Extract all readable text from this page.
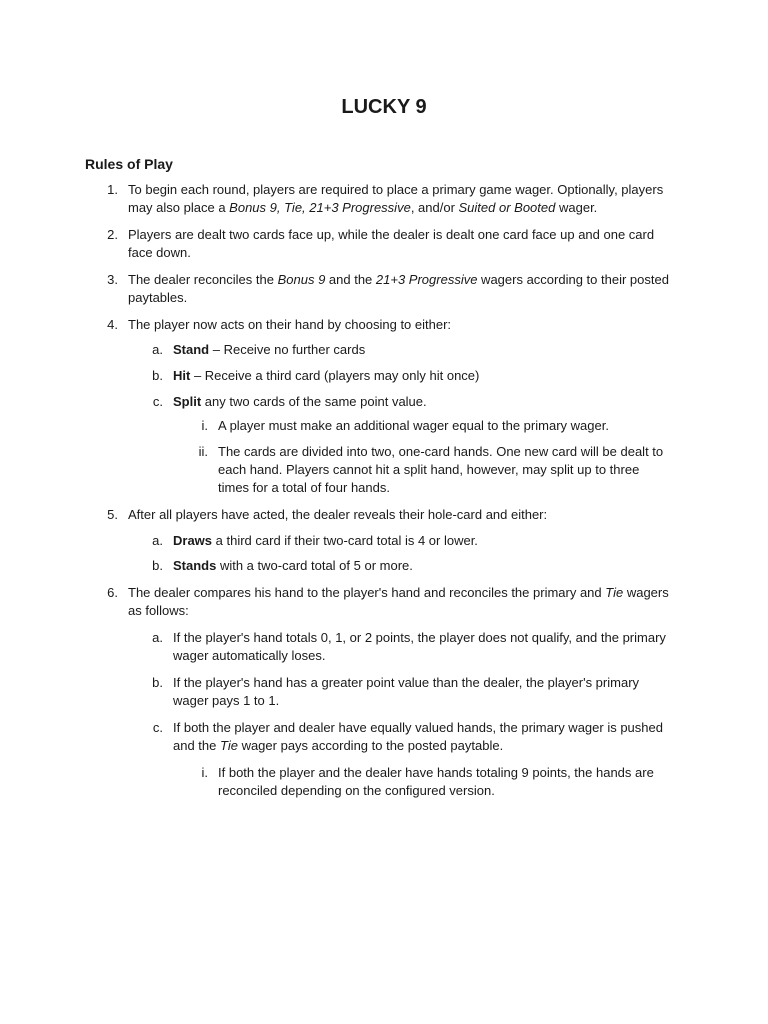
LUCKY 9
Rules of Play
1. To begin each round, players are required to place a primary game wager. Optionally, players may also place a Bonus 9, Tie, 21+3 Progressive, and/or Suited or Booted wager.
2. Players are dealt two cards face up, while the dealer is dealt one card face up and one card face down.
3. The dealer reconciles the Bonus 9 and the 21+3 Progressive wagers according to their posted paytables.
4. The player now acts on their hand by choosing to either:
a. Stand – Receive no further cards
b. Hit – Receive a third card (players may only hit once)
c. Split any two cards of the same point value.
i. A player must make an additional wager equal to the primary wager.
ii. The cards are divided into two, one-card hands. One new card will be dealt to each hand. Players cannot hit a split hand, however, may split up to three times for a total of four hands.
5. After all players have acted, the dealer reveals their hole-card and either:
a. Draws a third card if their two-card total is 4 or lower.
b. Stands with a two-card total of 5 or more.
6. The dealer compares his hand to the player's hand and reconciles the primary and Tie wagers as follows:
a. If the player's hand totals 0, 1, or 2 points, the player does not qualify, and the primary wager automatically loses.
b. If the player's hand has a greater point value than the dealer, the player's primary wager pays 1 to 1.
c. If both the player and dealer have equally valued hands, the primary wager is pushed and the Tie wager pays according to the posted paytable.
i. If both the player and the dealer have hands totaling 9 points, the hands are reconciled depending on the configured version.
